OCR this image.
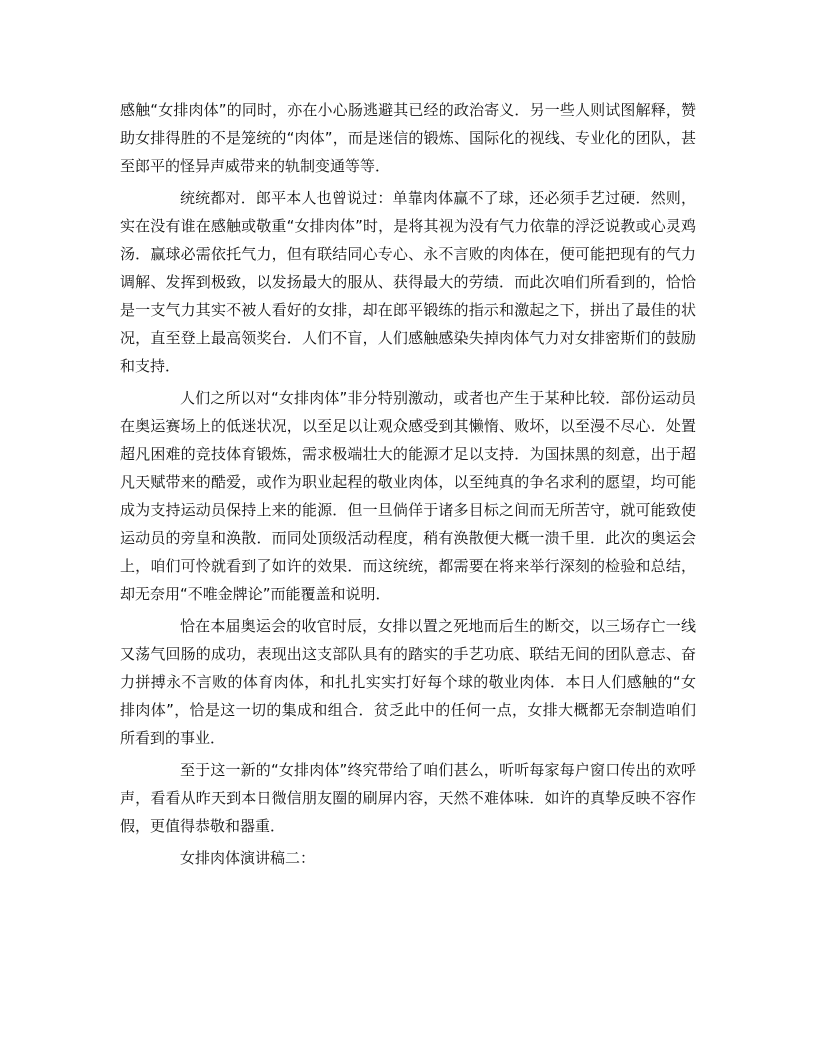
感触“女排肉体”的同时，亦在小心肠逃避其已经的政治寄义．另一些人则试图解释，赞助女排得胜的不是笼统的“肉体”，而是迷信的锻炼、国际化的视线、专业化的团队，甚至郎平的怪异声威带来的轨制变通等等．

统统都对．郎平本人也曾说过：单靠肉体赢不了球，还必须手艺过硬．然则，实在没有谁在感触或敬重“女排肉体”时，是将其视为没有气力依靠的浮泛说教或心灵鸡汤．赢球必需依托气力，但有联结同心专心、永不言败的肉体在，便可能把现有的气力调解、发挥到极致，以发扬最大的服从、获得最大的劳绩．而此次咱们所看到的，恰恰是一支气力其实不被人看好的女排，却在郎平锻练的指示和激起之下，拼出了最佳的状况，直至登上最高领奖台．人们不盲，人们感触感染失掉肉体气力对女排密斯们的鼓励和支持．

人们之所以对“女排肉体”非分特别激动，或者也产生于某种比较．部份运动员在奥运赛场上的低迷状况，以至足以让观众感受到其懒惰、败坏，以至漫不尽心．处置超凡困难的竞技体育锻炼，需求极端壮大的能源才足以支持．为国抹黑的刻意，出于超凡天赋带来的酷爱，或作为职业起程的敬业肉体，以至纯真的争名求利的愿望，均可能成为支持运动员保持上来的能源．但一旦倘佯于诸多目标之间而无所苦守，就可能致使运动员的旁皇和涣散．而同处顶级活动程度，稍有涣散便大概一溃千里．此次的奥运会上，咱们可怜就看到了如许的效果．而这统统，都需要在将来举行深刻的检验和总结，却无奈用“不唯金牌论”而能覆盖和说明．

恰在本届奥运会的收官时辰，女排以置之死地而后生的断交，以三场存亡一线又荡气回肠的成功，表现出这支部队具有的踏实的手艺功底、联结无间的团队意志、奋力拼搏永不言败的体育肉体，和扎扎实实打好每个球的敬业肉体．本日人们感触的“女排肉体”，恰是这一切的集成和组合．贫乏此中的任何一点，女排大概都无奈制造咱们所看到的事业．

至于这一新的“女排肉体”终究带给了咱们甚么，听听每家每户窗口传出的欢呼声，看看从昨天到本日微信朋友圈的刷屏内容，天然不难体味．如许的真挚反映不容作假，更值得恭敬和器重．

女排肉体演讲稿二：
